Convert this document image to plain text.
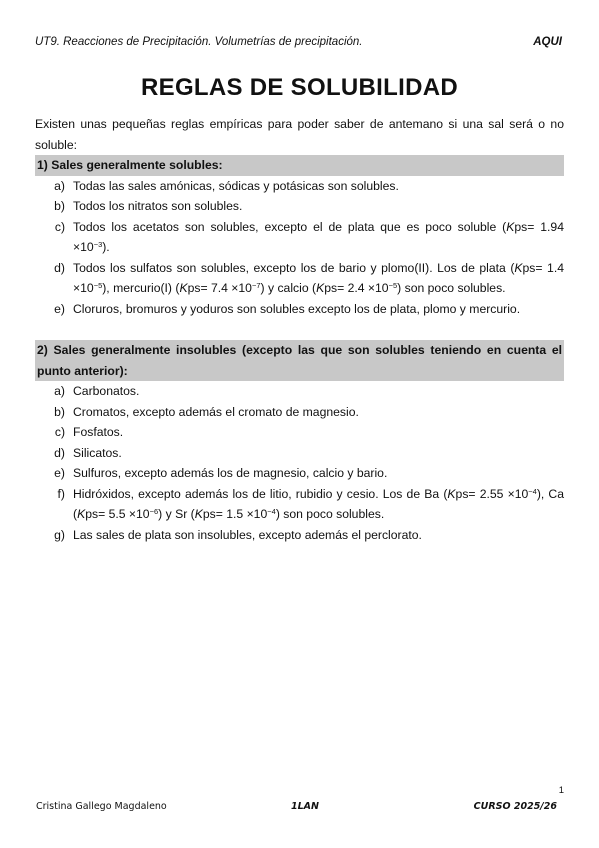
UT9. Reacciones de Precipitación. Volumetrías de precipitación.	AQUI
REGLAS DE SOLUBILIDAD

Existen unas pequeñas reglas empíricas para poder saber de antemano si una sal será o no soluble:

1) Sales generalmente solubles:
a) Todas las sales amónicas, sódicas y potásicas son solubles.
b) Todos los nitratos son solubles.
c) Todos los acetatos son solubles, excepto el de plata que es poco soluble $(Kps= 1.94 \times 10^{-3})$.
d) Todos los sulfatos son solubles, excepto los de bario y plomo(II). Los de plata $(Kps= 1.4 \times 10^{-5})$, mercurio(I) $(Kps= 7.4 \times 10^{-7})$ y calcio $(Kps= 2.4 \times 10^{-5})$ son poco solubles.
e) Cloruros, bromuros y yoduros son solubles excepto los de plata, plomo y mercurio.
2) Sales generalmente insolubles (excepto las que son solubles teniendo en cuenta el punto anterior):
a) Carbonatos.
b) Cromatos, excepto además el cromato de magnesio.
c) Fosfatos.
d) Silicatos.
e) Sulfuros, excepto además los de magnesio, calcio y bario.
f) Hidróxidos, excepto además los de litio, rubidio y cesio. Los de Ba $(Kps= 2.55 \times 10^{-4})$, Ca $(Kps= 5.5 \times 10^{-6})$ y Sr $(Kps= 1.5 \times 10^{-4})$ son poco solubles.
g) Las sales de plata son insolubles, excepto además el perclorato.
1
Cristina Gallego Magdaleno	1LAN	CURSO 2025/26
